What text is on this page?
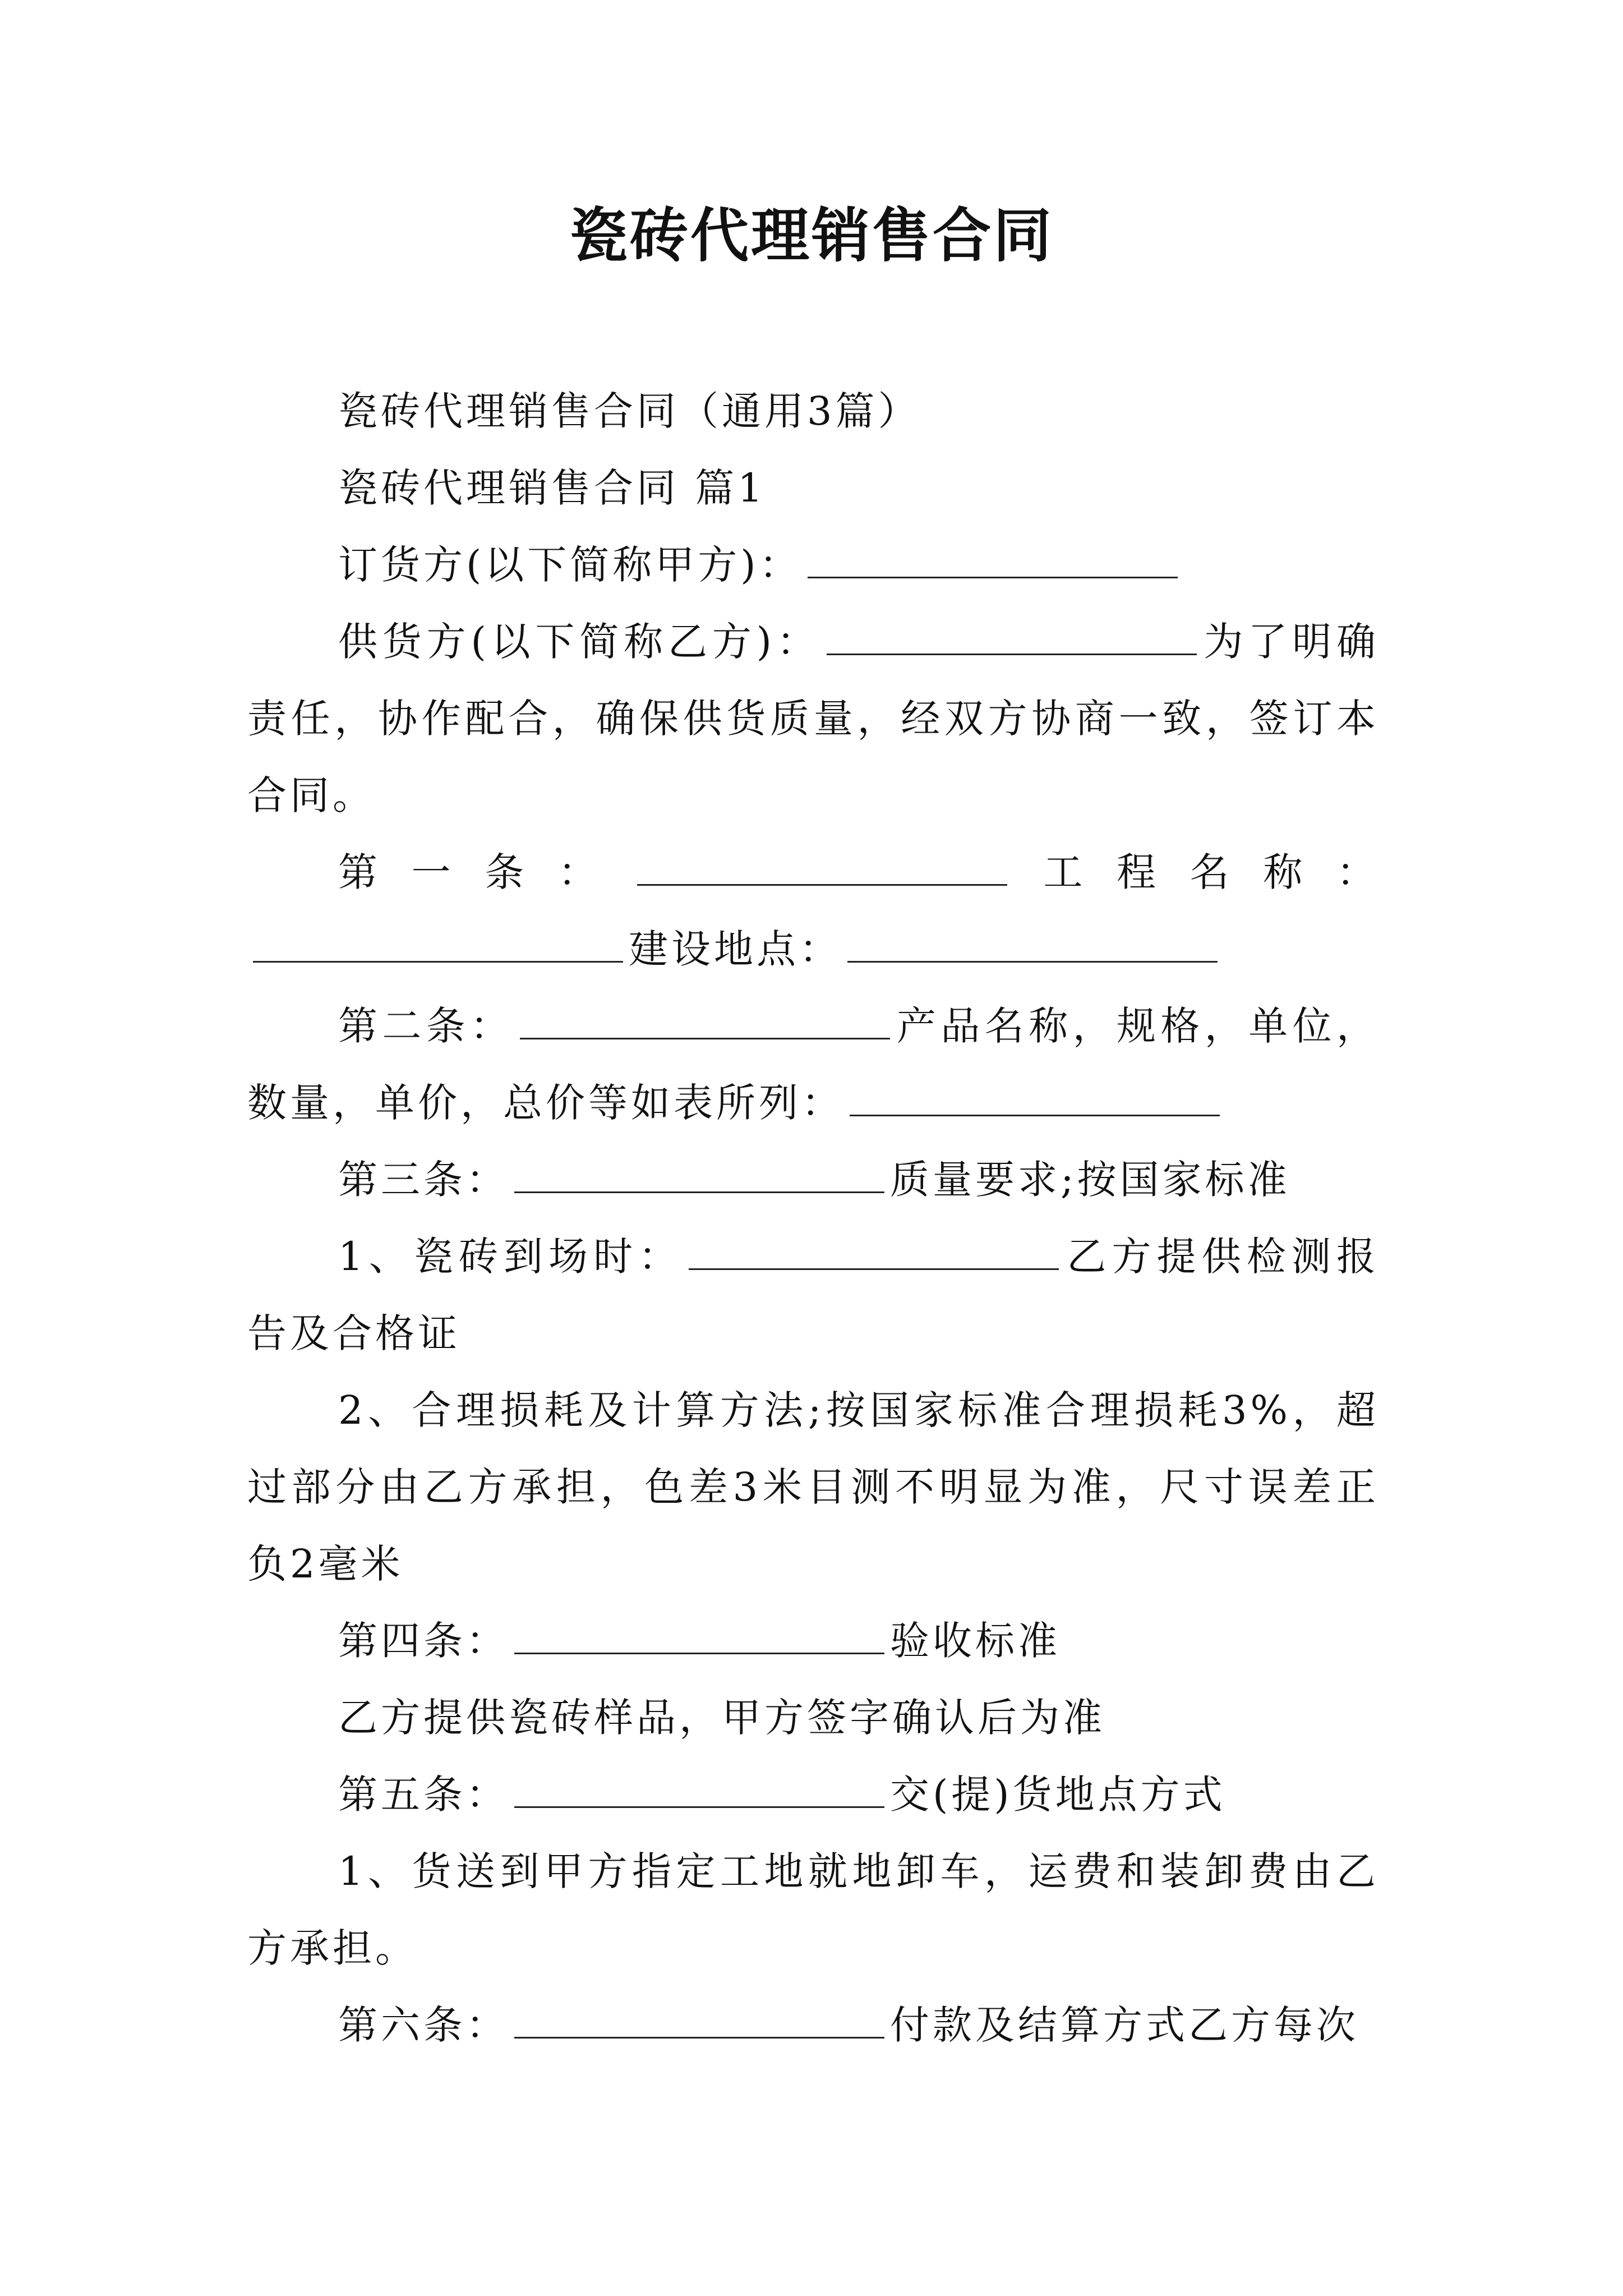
瓷砖代理销售合同

瓷砖代理销售合同（通用3篇）

瓷砖代理销售合同 篇1

订货方(以下简称甲方)：

供货方(以下简称乙方)：	为了明确责任，协作配合，确保供货质量，经双方协商一致，签订本合同。

第一条：	工程名称：建设地点：

第二条：	产品名称，规格，单位，数量，单价，总价等如表所列：

第三条：	质量要求;按国家标准

1、瓷砖到场时：	乙方提供检测报告及合格证

2、合理损耗及计算方法;按国家标准合理损耗3%，超过部分由乙方承担，色差3米目测不明显为准，尺寸误差正负2毫米

第四条：	验收标准

乙方提供瓷砖样品，甲方签字确认后为准

第五条：	交(提)货地点方式

1、货送到甲方指定工地就地卸车，运费和装卸费由乙方承担。

第六条：	付款及结算方式乙方每次
